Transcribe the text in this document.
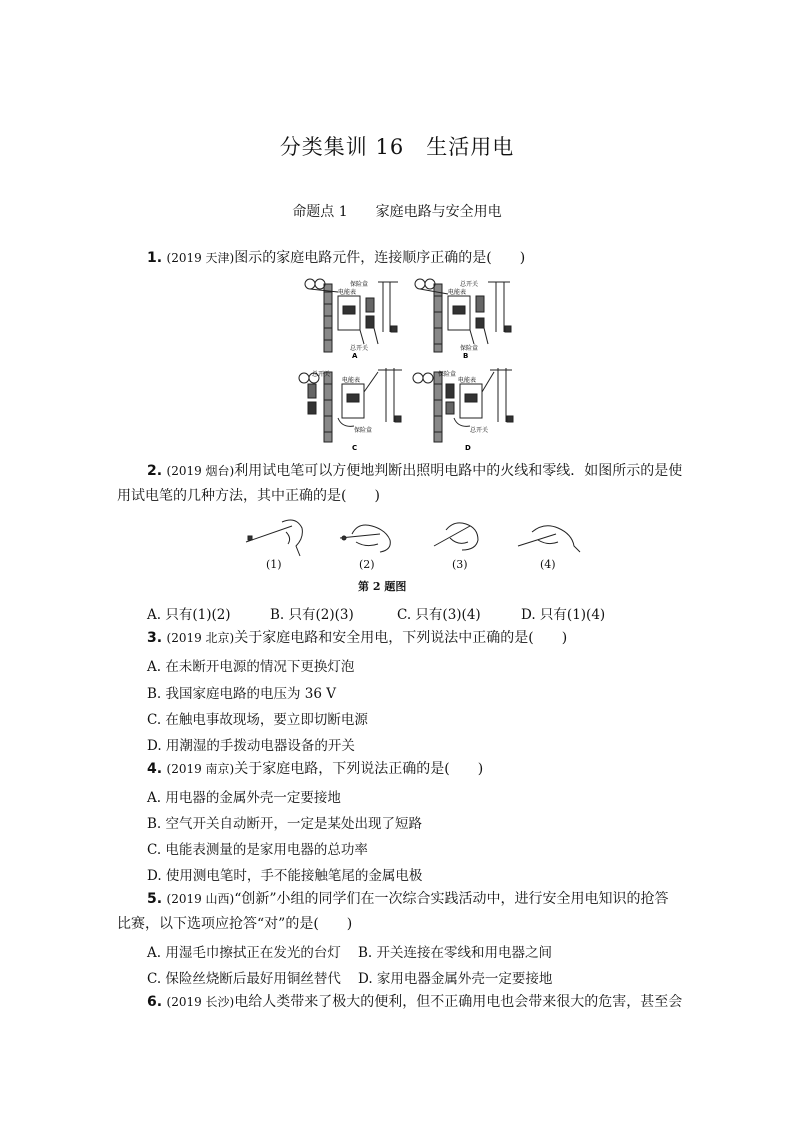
分类集训 16　生活用电
命题点 1　　家庭电路与安全用电
1. (2019 天津)图示的家庭电路元件，连接顺序正确的是(　　)
保险盒
电能表
总开关
A
总开关
电能表
保险盒
B
总开关
电能表
保险盒
C
保险盒
电能表
总开关
D
2. (2019 烟台)利用试电笔可以方便地判断出照明电路中的火线和零线．如图所示的是使
用试电笔的几种方法，其中正确的是(　　)
(1)	(2)	(3)	(4)
第 2 题图
A. 只有(1)(2)	B. 只有(2)(3)	C. 只有(3)(4)	D. 只有(1)(4)
3. (2019 北京)关于家庭电路和安全用电，下列说法中正确的是(　　)
A. 在未断开电源的情况下更换灯泡
B. 我国家庭电路的电压为 36 V
C. 在触电事故现场，要立即切断电源
D. 用潮湿的手拨动电器设备的开关
4. (2019 南京)关于家庭电路，下列说法正确的是(　　)
A. 用电器的金属外壳一定要接地
B. 空气开关自动断开，一定是某处出现了短路
C. 电能表测量的是家用电器的总功率
D. 使用测电笔时，手不能接触笔尾的金属电极
5. (2019 山西)“创新”小组的同学们在一次综合实践活动中，进行安全用电知识的抢答
比赛，以下选项应抢答“对”的是(　　)
A. 用湿毛巾擦拭正在发光的台灯 B. 开关连接在零线和用电器之间
C. 保险丝烧断后最好用铜丝替代 D. 家用电器金属外壳一定要接地
6. (2019 长沙)电给人类带来了极大的便利，但不正确用电也会带来很大的危害，甚至会
